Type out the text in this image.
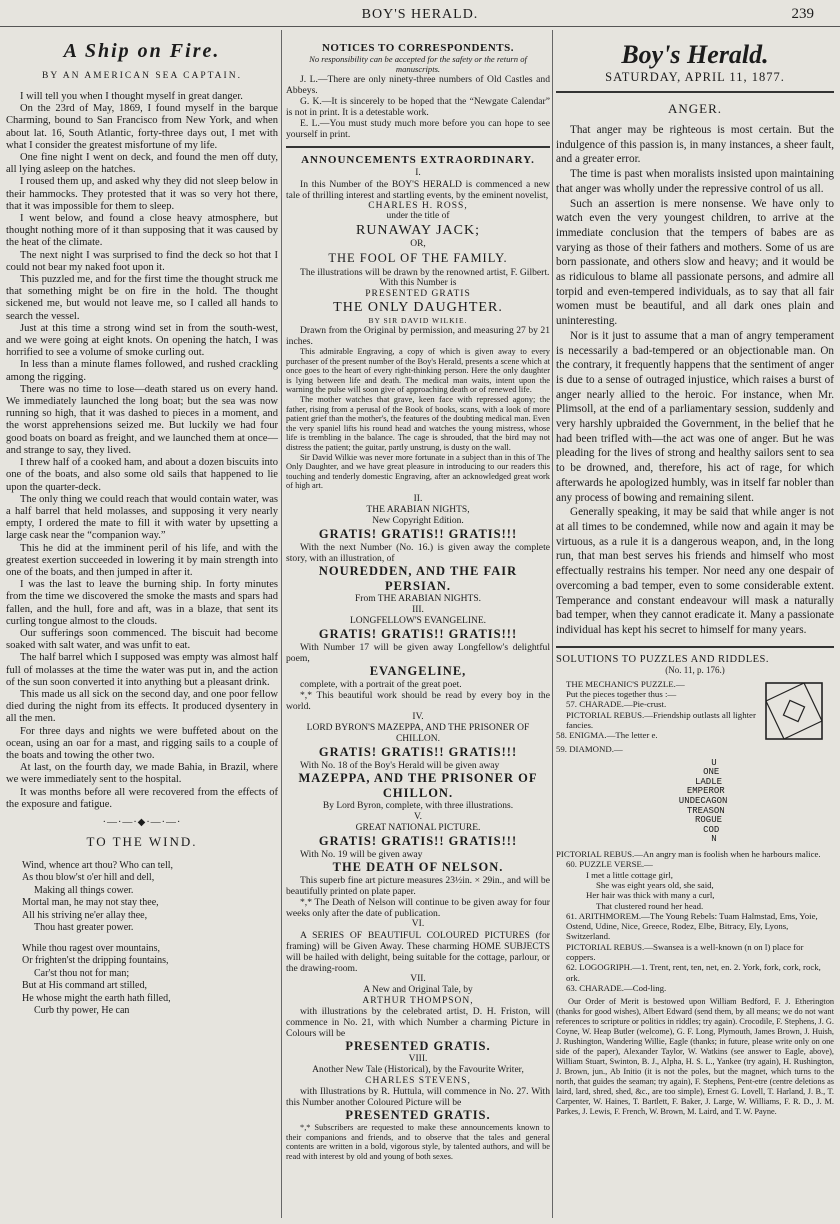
BOY'S HERALD.	239
A Ship on Fire.
BY AN AMERICAN SEA CAPTAIN.

I will tell you when I thought myself in great danger.

On the 23rd of May, 1869, I found myself in the barque Charming, bound to San Francisco from New York, and when about lat. 16, South Atlantic, forty-three days out, I met with what I consider the greatest misfortune of my life.

One fine night I went on deck, and found the men off duty, all lying asleep on the hatches.

I roused them up, and asked why they did not sleep below in their hammocks. They protested that it was so very hot there, that it was impossible for them to sleep.

I went below, and found a close heavy atmosphere, but thought nothing more of it than supposing that it was caused by the heat of the climate.

The next night I was surprised to find the deck so hot that I could not bear my naked foot upon it.

This puzzled me, and for the first time the thought struck me that something might be on fire in the hold. The thought sickened me, but would not leave me, so I called all hands to search the vessel.

Just at this time a strong wind set in from the south-west, and we were going at eight knots. On opening the hatch, I was horrified to see a volume of smoke curling out.

In less than a minute flames followed, and rushed crackling among the rigging.

There was no time to lose—death stared us on every hand. We immediately launched the long boat; but the sea was now running so high, that it was dashed to pieces in a moment, and the worst apprehensions seized me. But luckily we had four good boats on board as freight, and we launched them at once—and strange to say, they lived.

I threw half of a cooked ham, and about a dozen biscuits into one of the boats, and also some old sails that happened to lie upon the quarter-deck.

The only thing we could reach that would contain water, was a half barrel that held molasses, and supposing it very nearly empty, I ordered the mate to fill it with water by upsetting a large cask near the “companion way.”

This he did at the imminent peril of his life, and with the greatest exertion succeeded in lowering it by main strength into one of the boats, and then jumped in after it.

I was the last to leave the burning ship. In forty minutes from the time we discovered the smoke the masts and spars had fallen, and the hull, fore and aft, was in a blaze, that sent its curling tongue almost to the clouds.

Our sufferings soon commenced. The biscuit had become soaked with salt water, and was unfit to eat.

The half barrel which I supposed was empty was almost half full of molasses at the time the water was put in, and the action of the sun soon converted it into anything but a pleasant drink.

This made us all sick on the second day, and one poor fellow died during the night from its effects. It produced dysentery in all the men.

For three days and nights we were buffeted about on the ocean, using an oar for a mast, and rigging sails to a couple of the boats and towing the other two.

At last, on the fourth day, we made Bahia, in Brazil, where we were immediately sent to the hospital.

It was months before all were recovered from the effects of the exposure and fatigue.

·—·—·◆·—·—·
TO THE WIND.
Wind, whence art thou? Who can tell,
As thou blow'st o'er hill and dell,
Making all things cower.
Mortal man, he may not stay thee,
All his striving ne'er allay thee,
Thou hast greater power.
While thou ragest over mountains,
Or frighten'st the dripping fountains,
Car'st thou not for man;
But at His command art stilled,
He whose might the earth hath filled,
Curb thy power, He can
NOTICES TO CORRESPONDENTS.
No responsibility can be accepted for the safety or the return of manuscripts.

J. L.—There are only ninety-three numbers of Old Castles and Abbeys.

G. K.—It is sincerely to be hoped that the “Newgate Calendar” is not in print. It is a detestable work.

E. L.—You must study much more before you can hope to see yourself in print.

ANNOUNCEMENTS EXTRAORDINARY.
I.

In this Number of the BOY'S HERALD is commenced a new tale of thrilling interest and startling events, by the eminent novelist,

CHARLES H. ROSS,
under the title of
RUNAWAY JACK;
OR,
THE FOOL OF THE FAMILY.

The illustrations will be drawn by the renowned artist, F. Gilbert.

With this Number is
PRESENTED GRATIS
THE ONLY DAUGHTER.
BY SIR DAVID WILKIE.

Drawn from the Original by permission, and measuring 27 by 21 inches.

This admirable Engraving, a copy of which is given away to every purchaser of the present number of the Boy's Herald, presents a scene which at once goes to the heart of every right-thinking person. Here the only daughter is lying between life and death. The medical man waits, intent upon the warning the pulse will soon give of approaching death or of renewed life.

The mother watches that grave, keen face with repressed agony; the father, rising from a perusal of the Book of books, scans, with a look of more patient grief than the mother's, the features of the doubting medical man. Even the very spaniel lifts his round head and watches the young mistress, whose life is trembling in the balance. The cage is shrouded, that the bird may not distress the patient; the guitar, partly unstrung, is dusty on the wall.

Sir David Wilkie was never more fortunate in a subject than in this of The Only Daughter, and we have great pleasure in introducing to our readers this touching and tenderly domestic Engraving, after an acknowledged great work of high art.

II.
THE ARABIAN NIGHTS,
New Copyright Edition.
GRATIS! GRATIS!! GRATIS!!!

With the next Number (No. 16.) is given away the complete story, with an illustration, of

NOUREDDEN, AND THE FAIR PERSIAN.
From THE ARABIAN NIGHTS.
III.
LONGFELLOW'S EVANGELINE.
GRATIS! GRATIS!! GRATIS!!!

With Number 17 will be given away Longfellow's delightful poem,

EVANGELINE,

complete, with a portrait of the great poet.

*,* This beautiful work should be read by every boy in the world.

IV.
LORD BYRON'S MAZEPPA, AND THE PRISONER OF CHILLON.
GRATIS! GRATIS!! GRATIS!!!

With No. 18 of the Boy's Herald will be given away

MAZEPPA, AND THE PRISONER OF CHILLON.
By Lord Byron, complete, with three illustrations.
V.
GREAT NATIONAL PICTURE.
GRATIS! GRATIS!! GRATIS!!!

With No. 19 will be given away

THE DEATH OF NELSON.

This superb fine art picture measures 23½in. × 29in., and will be beautifully printed on plate paper.

*,* The Death of Nelson will continue to be given away for four weeks only after the date of publication.

VI.

A SERIES OF BEAUTIFUL COLOURED PICTURES (for framing) will be Given Away. These charming HOME SUBJECTS will be hailed with delight, being suitable for the cottage, parlour, or the drawing-room.

VII.
A New and Original Tale, by
ARTHUR THOMPSON,

with illustrations by the celebrated artist, D. H. Friston, will commence in No. 21, with which Number a charming Picture in Colours will be

PRESENTED GRATIS.
VIII.
Another New Tale (Historical), by the Favourite Writer,
CHARLES STEVENS,

with Illustrations by R. Huttula, will commence in No. 27. With this Number another Coloured Picture will be

PRESENTED GRATIS.

*,* Subscribers are requested to make these announcements known to their companions and friends, and to observe that the tales and general contents are written in a bold, vigorous style, by talented authors, and will be read with interest by old and young of both sexes.

Boy's Herald.
SATURDAY, APRIL 11, 1877.
ANGER.

That anger may be righteous is most certain. But the indulgence of this passion is, in many instances, a sheer fault, and a greater error.

The time is past when moralists insisted upon maintaining that anger was wholly under the repressive control of us all.

Such an assertion is mere nonsense. We have only to watch even the very youngest children, to arrive at the immediate conclusion that the tempers of babes are as varying as those of their fathers and mothers. Some of us are born passionate, and others slow and heavy; and it would be as ridiculous to blame all passionate persons, and admire all torpid and even-tempered individuals, as to say that all fair women must be beautiful, and all dark ones plain and uninteresting.

Nor is it just to assume that a man of angry temperament is necessarily a bad-tempered or an objectionable man. On the contrary, it frequently happens that the sentiment of anger is due to a sense of outraged injustice, which raises a burst of anger nearly allied to the heroic. For instance, when Mr. Plimsoll, at the end of a parliamentary session, suddenly and very harshly upbraided the Government, in the belief that he had been trifled with—the act was one of anger. But he was pleading for the lives of strong and healthy sailors sent to sea to be drowned, and, therefore, his act of rage, for which afterwards he apologized humbly, was in itself far nobler than any process of bowing and remaining silent.

Generally speaking, it may be said that while anger is not at all times to be condemned, while now and again it may be virtuous, as a rule it is a dangerous weapon, and, in the long run, that man best serves his friends and himself who most effectually restrains his temper. Nor need any one despair of overcoming a bad temper, even to some considerable extent. Temperance and constant endeavour will mask a naturally bad temper, when they cannot eradicate it. Many a passionate individual has kept his secret to himself for many years.

SOLUTIONS TO PUZZLES AND RIDDLES.
(No. 11, p. 176.)
THE MECHANIC'S PUZZLE.—
Put the pieces together thus :—
57. CHARADE.—Pie-crust.
PICTORIAL REBUS.—Friendship outlasts all lighter fancies.
58. ENIGMA.—The letter e.
59. DIAMOND.—
U
ONE
LADLE
EMPEROR
UNDECAGON
TREASON
ROGUE
COD
N
PICTORIAL REBUS.—An angry man is foolish when he harbours malice.
60. PUZZLE VERSE.—
I met a little cottage girl,
She was eight years old, she said,
Her hair was thick with many a curl,
That clustered round her head.
61. ARITHMOREM.—The Young Rebels: Tuam Halmstad, Ems, Yoie, Ostend, Udine, Nice, Greece, Rodez, Elbe, Bitracy, Ely, Lyons, Switzerland.
PICTORIAL REBUS.—Swansea is a well-known (n on l) place for coppers.
62. LOGOGRIPH.—1. Trent, rent, ten, net, en. 2. York, fork, cork, rock, ork.
63. CHARADE.—Cod-ling.
Our Order of Merit is bestowed upon William Bedford, F. J. Etherington (thanks for good wishes), Albert Edward (send them, by all means; we do not want references to scripture or politics in riddles; try again). Crocodile, F. Stephens, J. G. Coyne, W. Heap Butler (welcome), G. F. Long, Plymouth, James Brown, J. Huish, J. Rushington, Wandering Willie, Eagle (thanks; in future, please write only on one side of the paper), Alexander Taylor, W. Watkins (see answer to Eagle, above), William Stuart, Swinton, B. J., Alpha, H. S. L., Yankee (try again), H. Rushington, J. Brown, jun., Ab Initio (it is not the poles, but the magnet, which turns to the north, that guides the seaman; try again), F. Stephens, Pent-etre (centre deletions as laird, lard, shred, shed, &c., are too simple), Ernest G. Lovell, T. Harland, J. B., T. Carpenter, W. Haines, T. Bartlett, F. Baker, J. Large, W. Williams, F. R. D., J. M. Parkes, J. Lewis, F. French, W. Brown, M. Laird, and T. W. Payne.
